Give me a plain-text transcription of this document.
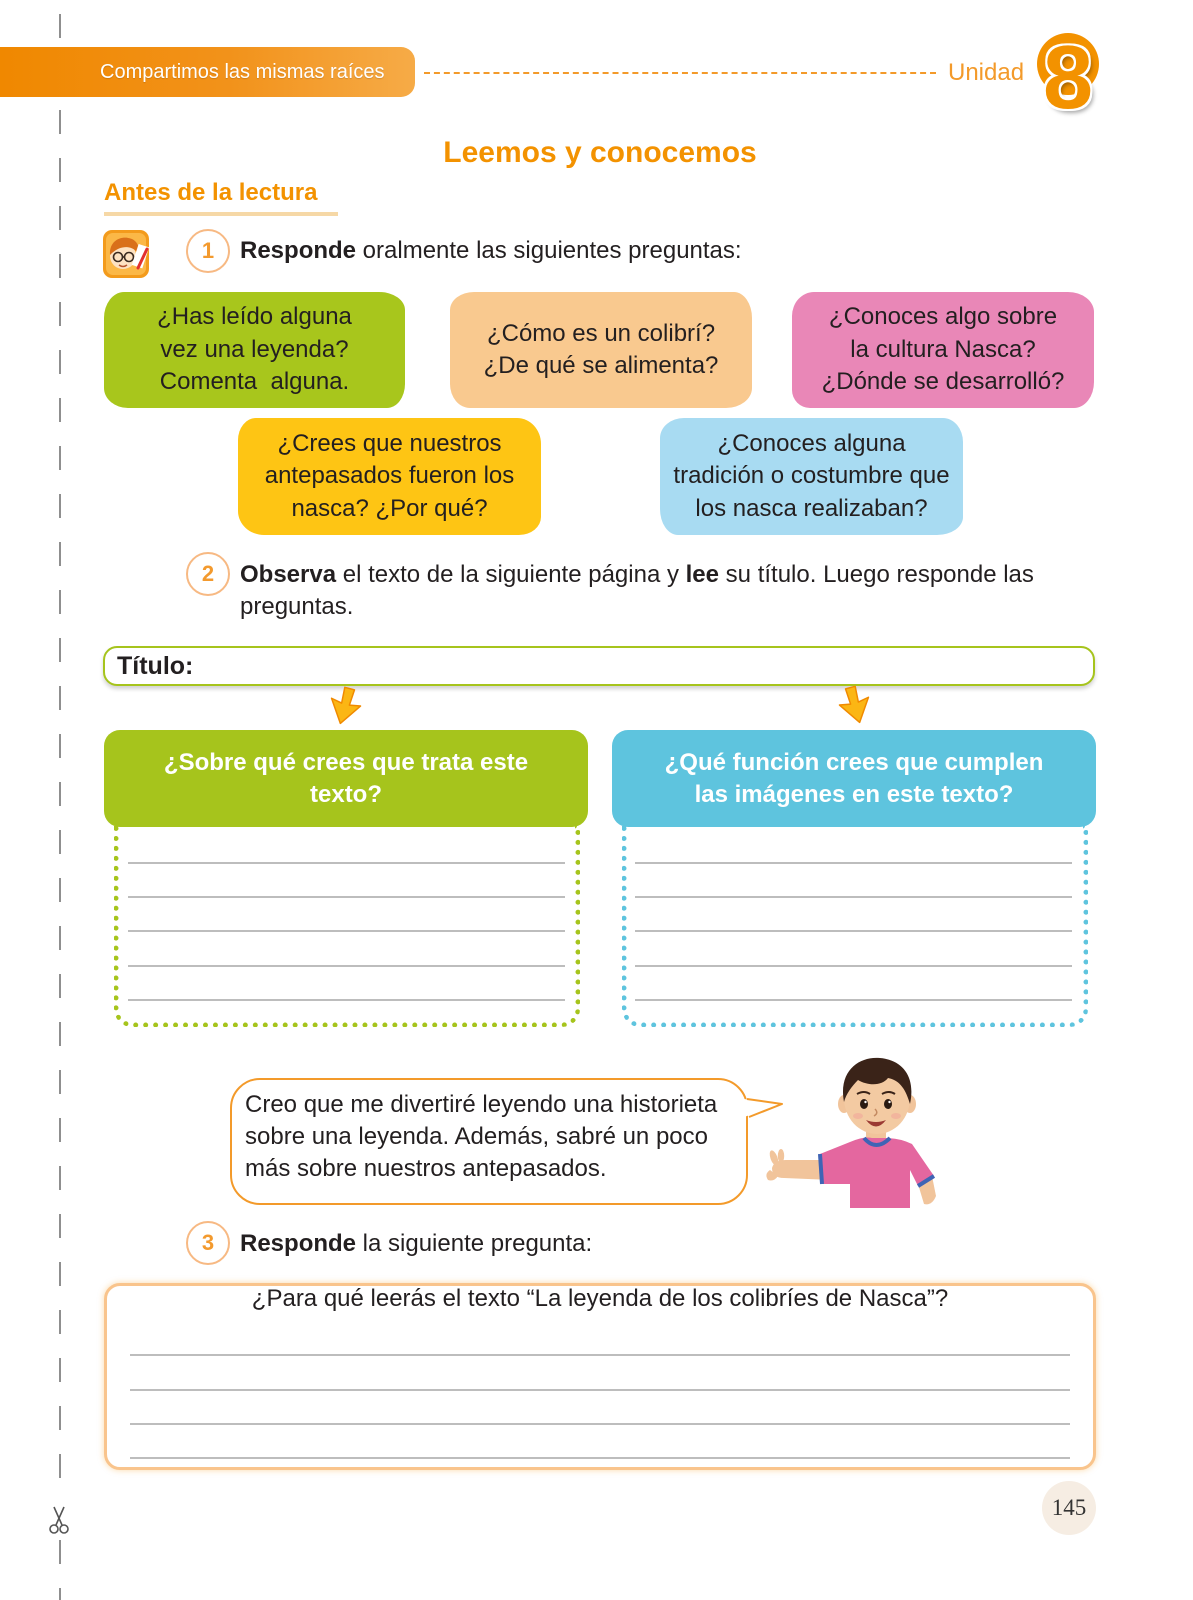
Compartimos las mismas raíces	Unidad 8
Leemos y conocemos
Antes de la lectura
1	Responde oralmente las siguientes preguntas:
¿Has leído alguna
vez una leyenda?
Comenta  alguna.
¿Cómo es un colibrí?
¿De qué se alimenta?
¿Conoces algo sobre
la cultura Nasca?
¿Dónde se desarrolló?
¿Crees que nuestros
antepasados fueron los
nasca? ¿Por qué?
¿Conoces alguna
tradición o costumbre que
los nasca realizaban?
2	Observa el texto de la siguiente página y lee su título. Luego responde las
preguntas.
Título:
¿Sobre qué crees que trata este
texto?
¿Qué función crees que cumplen
las imágenes en este texto?
Creo que me divertiré leyendo una historieta
sobre una leyenda. Además, sabré un poco
más sobre nuestros antepasados.
3	Responde la siguiente pregunta:
¿Para qué leerás el texto “La leyenda de los colibríes de Nasca”?
145
